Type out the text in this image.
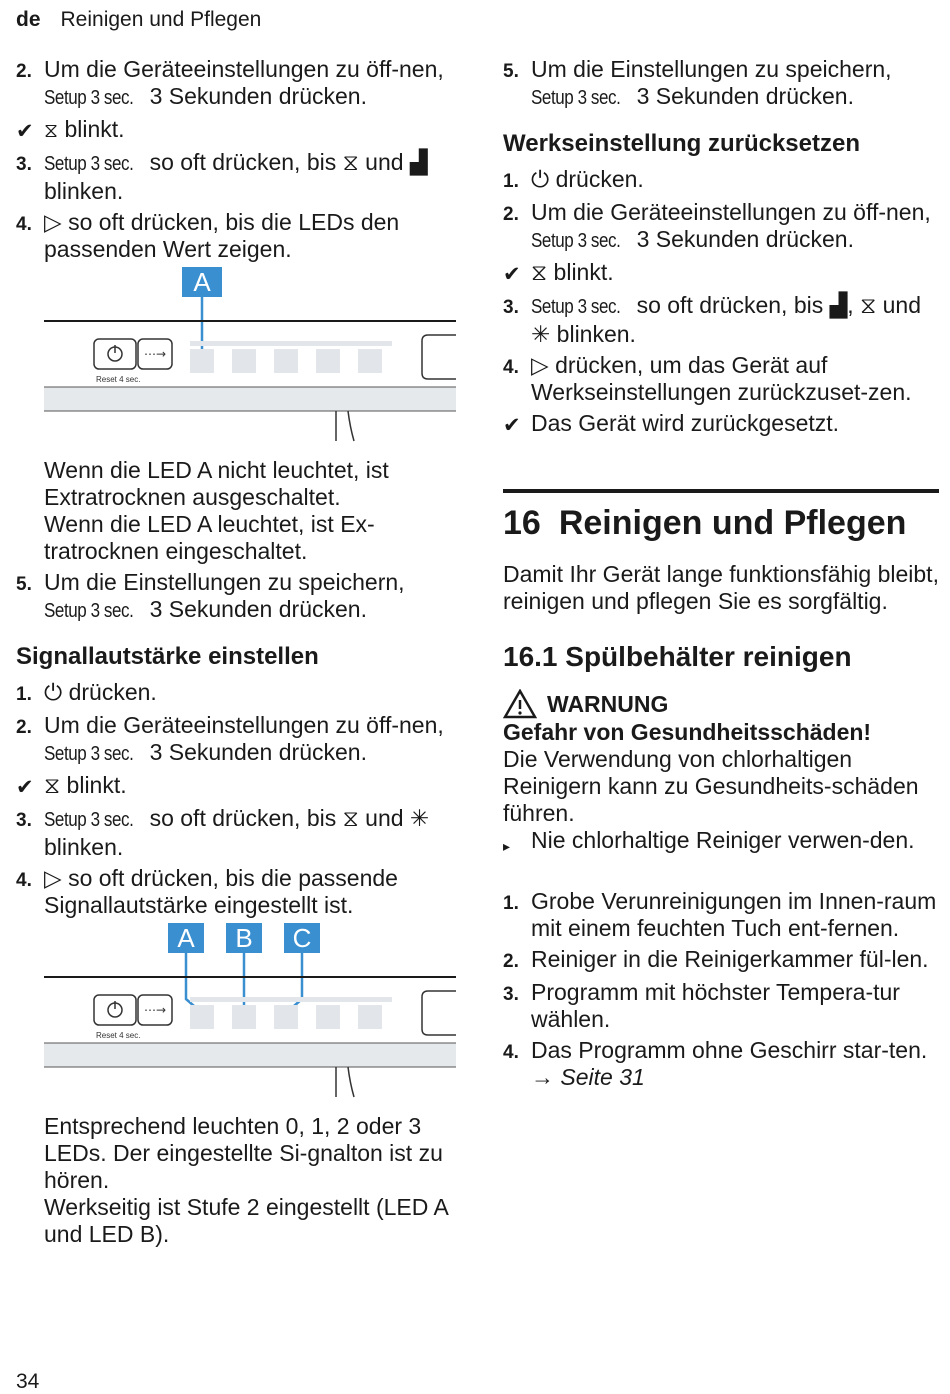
de Reinigen und Pflegen
2. Um die Geräteeinstellungen zu öff-nen, Setup 3 sec. 3 Sekunden drücken.
✔ ⧖ blinkt.
3. Setup 3 sec. so oft drücken, bis ⧖ und ▟ blinken.
4. ▷ so oft drücken, bis die LEDs den passenden Wert zeigen.
A
⋯→
Reset 4 sec.
Wenn die LED A nicht leuchtet, ist Extratrocknen ausgeschaltet.
Wenn die LED A leuchtet, ist Ex-tratrocknen eingeschaltet.
5. Um die Einstellungen zu speichern, Setup 3 sec. 3 Sekunden drücken.
Signallautstärke einstellen
1. ⏻ drücken.
2. Um die Geräteeinstellungen zu öff-nen, Setup 3 sec. 3 Sekunden drücken.
✔ ⧖ blinkt.
3. Setup 3 sec. so oft drücken, bis ⧖ und ✳ blinken.
4. ▷ so oft drücken, bis die passende Signallautstärke eingestellt ist.
A B C
⋯→
Reset 4 sec.
Entsprechend leuchten 0, 1, 2 oder 3 LEDs. Der eingestellte Si-gnalton ist zu hören.
Werkseitig ist Stufe 2 eingestellt (LED A und LED B).
5. Um die Einstellungen zu speichern, Setup 3 sec. 3 Sekunden drücken.
Werkseinstellung zurücksetzen
1. ⏻ drücken.
2. Um die Geräteeinstellungen zu öff-nen, Setup 3 sec. 3 Sekunden drücken.
✔ ⧖ blinkt.
3. Setup 3 sec. so oft drücken, bis ▟, ⧖ und ✳ blinken.
4. ▷ drücken, um das Gerät auf Werkseinstellungen zurückzuset-zen.
✔ Das Gerät wird zurückgesetzt.
16 Reinigen und Pflegen
Damit Ihr Gerät lange funktionsfähig bleibt, reinigen und pflegen Sie es sorgfältig.
16.1 Spülbehälter reinigen
WARNUNG
Gefahr von Gesundheitsschäden!
Die Verwendung von chlorhaltigen Reinigern kann zu Gesundheits-schäden führen.
▸ Nie chlorhaltige Reiniger verwen-den.
1. Grobe Verunreinigungen im Innen-raum mit einem feuchten Tuch ent-fernen.
2. Reiniger in die Reinigerkammer fül-len.
3. Programm mit höchster Tempera-tur wählen.
4. Das Programm ohne Geschirr star-ten. → Seite 31
34
